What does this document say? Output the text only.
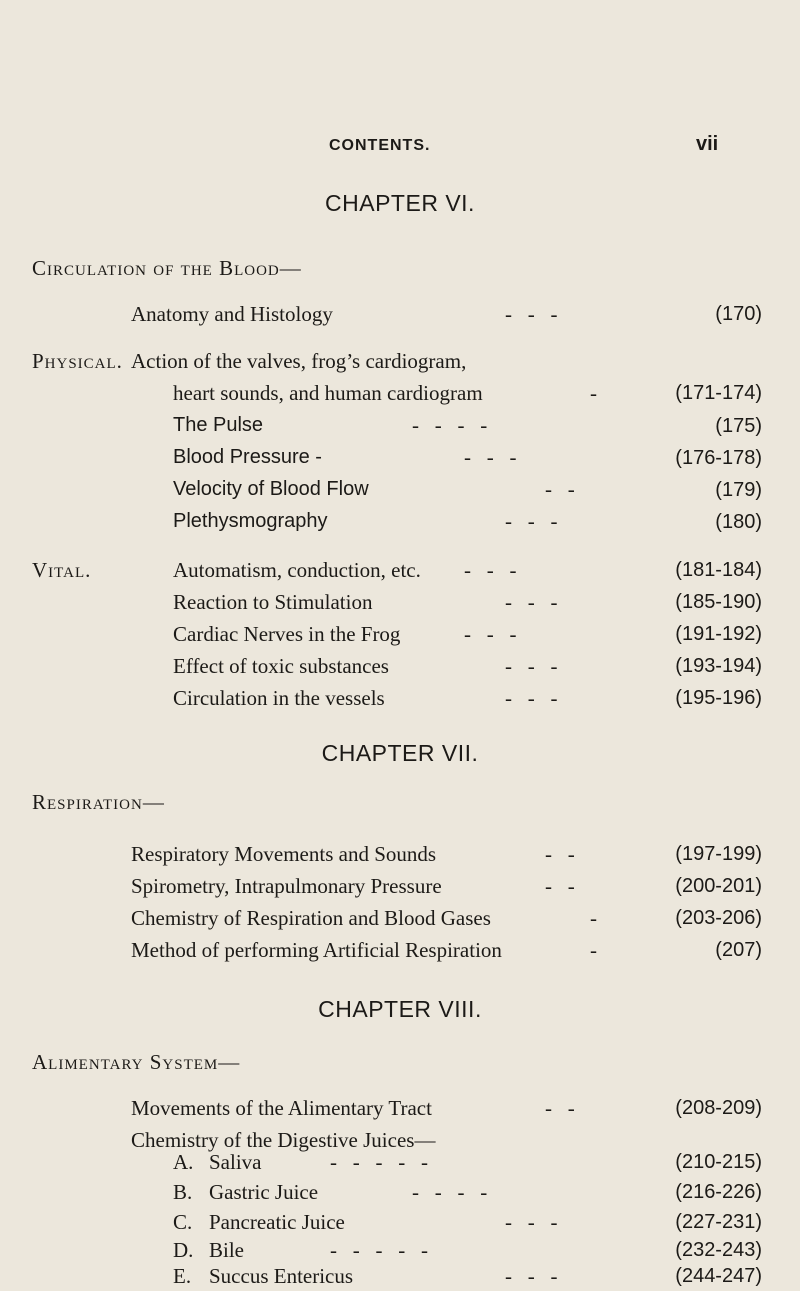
CONTENTS.	vii
CHAPTER VI.
Circulation of the Blood—
Anatomy and Histology	-   -   -	(170)
Physical. Action of the valves, frog’s cardiogram,
heart sounds, and human cardiogram	-	(171-174)
The Pulse	-   -   -   -	(175)
Blood Pressure -	-   -   -	(176-178)
Velocity of Blood Flow	-   -	(179)
Plethysmography	-   -   -	(180)
Vital.	Automatism, conduction, etc. -   -   -	(181-184)
Reaction to Stimulation	-   -   -	(185-190)
Cardiac Nerves in the Frog	-   -   -	(191-192)
Effect of toxic substances	-   -   -	(193-194)
Circulation in the vessels	-   -   -	(195-196)
CHAPTER VII.
Respiration—
Respiratory Movements and Sounds	-   -	(197-199)
Spirometry, Intrapulmonary Pressure	-   -	(200-201)
Chemistry of Respiration and Blood Gases	-	(203-206)
Method of performing Artificial Respiration	-	(207)
CHAPTER VIII.
Alimentary System—
Movements of the Alimentary Tract	-   -	(208-209)
Chemistry of the Digestive Juices—
A. Saliva	-   -   -   -   -	(210-215)
B. Gastric Juice	-   -   -   -	(216-226)
C. Pancreatic Juice	-   -   -	(227-231)
D. Bile	-   -   -   -   -	(232-243)
E. Succus Entericus	-   -   -	(244-247)
